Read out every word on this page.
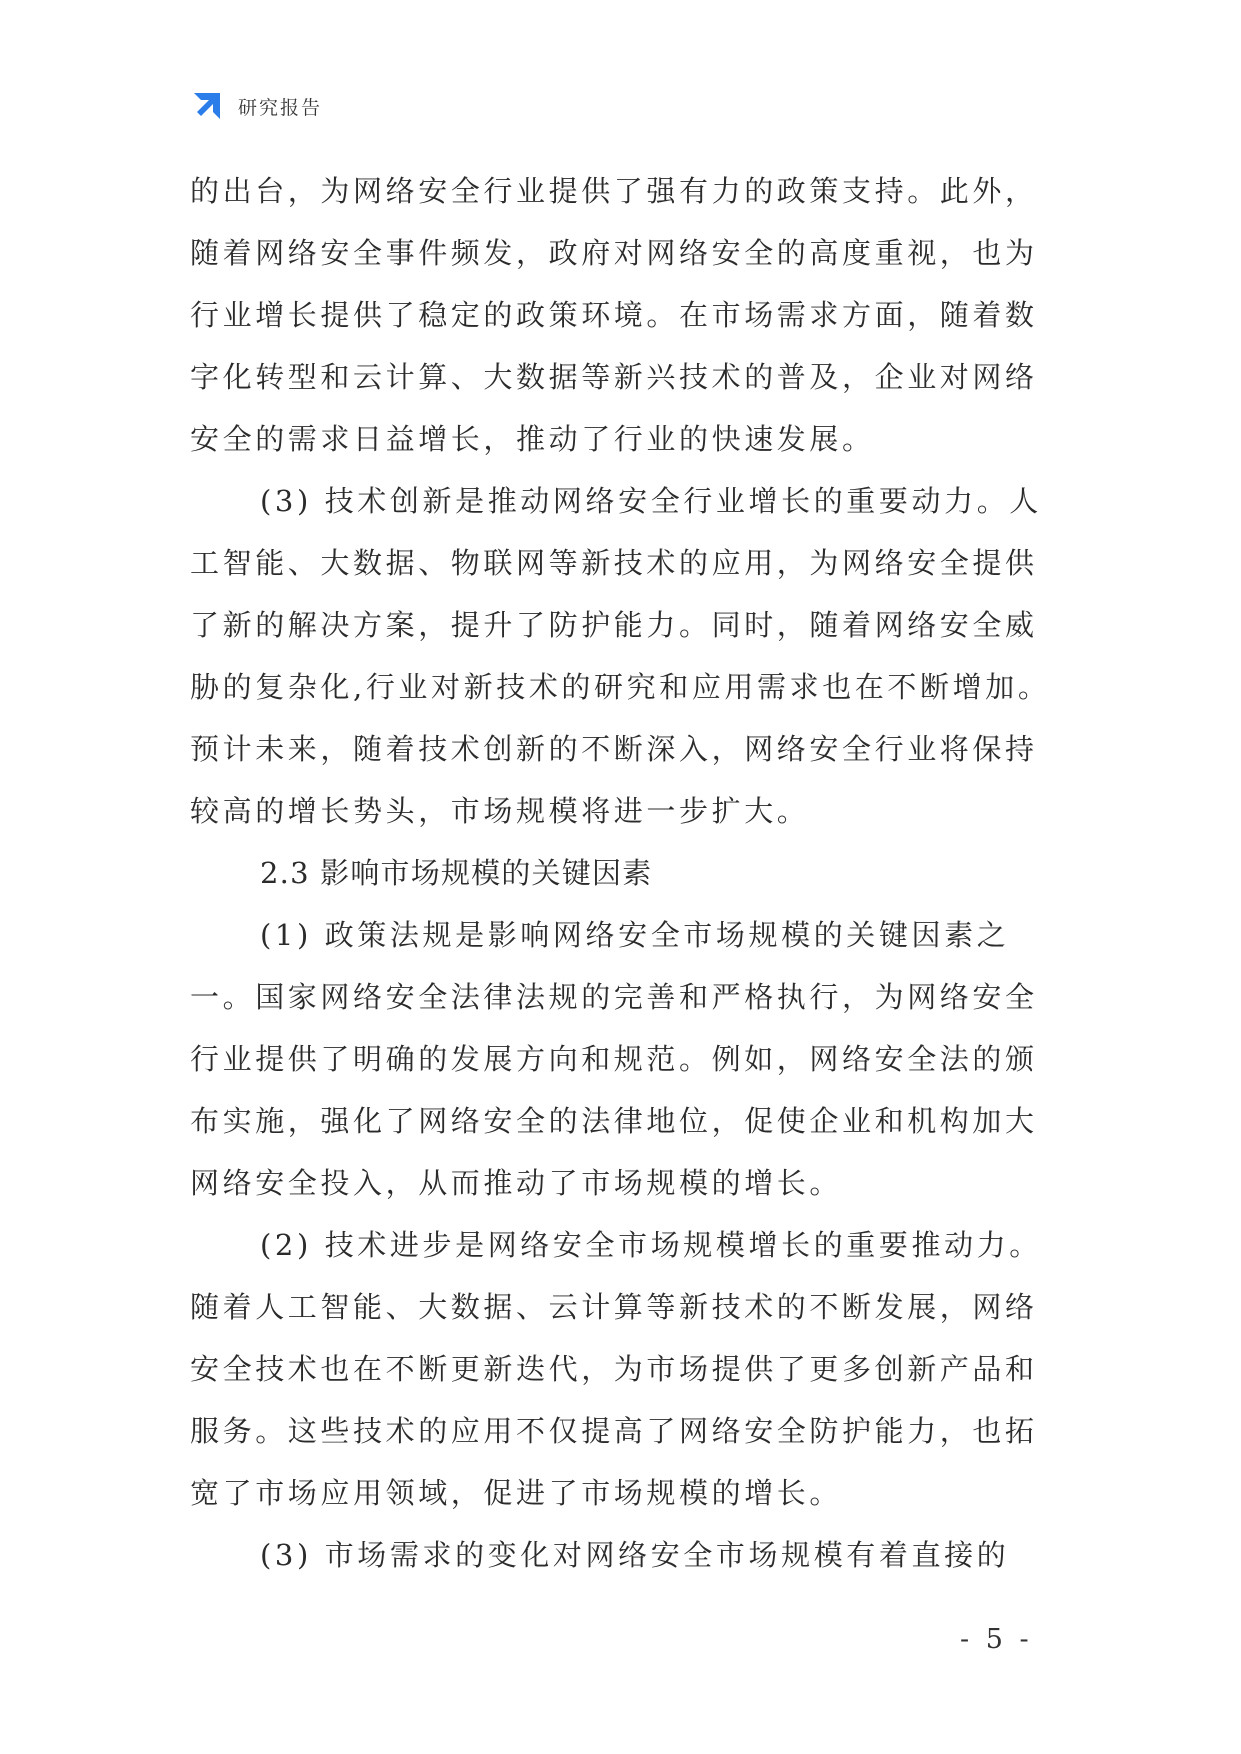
研究报告
的出台，为网络安全行业提供了强有力的政策支持。此外，
随着网络安全事件频发，政府对网络安全的高度重视，也为
行业增长提供了稳定的政策环境。在市场需求方面，随着数
字化转型和云计算、大数据等新兴技术的普及，企业对网络
安全的需求日益增长，推动了行业的快速发展。
(3) 技术创新是推动网络安全行业增长的重要动力。人
工智能、大数据、物联网等新技术的应用，为网络安全提供
了新的解决方案，提升了防护能力。同时，随着网络安全威
胁的复杂化,行业对新技术的研究和应用需求也在不断增加。
预计未来，随着技术创新的不断深入，网络安全行业将保持
较高的增长势头，市场规模将进一步扩大。
2.3 影响市场规模的关键因素
(1) 政策法规是影响网络安全市场规模的关键因素之
一。国家网络安全法律法规的完善和严格执行，为网络安全
行业提供了明确的发展方向和规范。例如，网络安全法的颁
布实施，强化了网络安全的法律地位，促使企业和机构加大
网络安全投入，从而推动了市场规模的增长。
(2) 技术进步是网络安全市场规模增长的重要推动力。
随着人工智能、大数据、云计算等新技术的不断发展，网络
安全技术也在不断更新迭代，为市场提供了更多创新产品和
服务。这些技术的应用不仅提高了网络安全防护能力，也拓
宽了市场应用领域，促进了市场规模的增长。
(3) 市场需求的变化对网络安全市场规模有着直接的
- 5 -
